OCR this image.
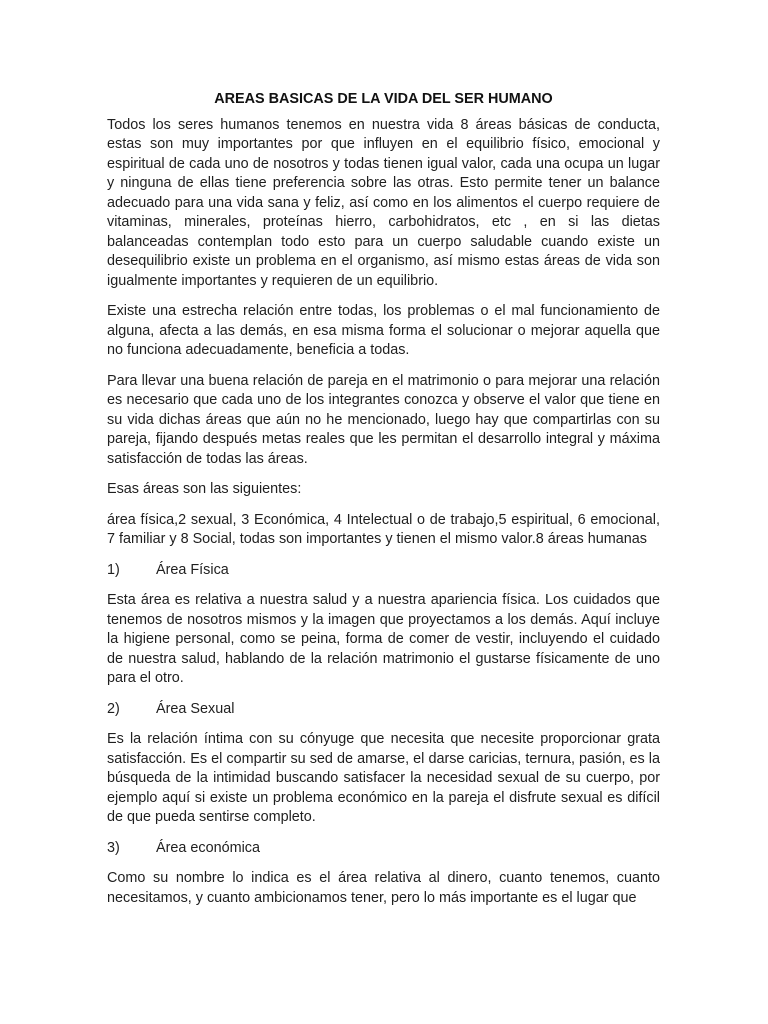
AREAS BASICAS DE LA VIDA DEL SER HUMANO

Todos los seres humanos tenemos en nuestra vida 8 áreas básicas de conducta, estas son muy importantes por que influyen en el equilibrio físico, emocional y espiritual de cada uno de nosotros y todas tienen igual valor, cada una ocupa un lugar y ninguna de ellas tiene preferencia sobre las otras. Esto permite tener un balance adecuado para una vida sana y feliz, así como en los alimentos el cuerpo requiere de vitaminas, minerales, proteínas hierro, carbohidratos, etc , en si las dietas balanceadas contemplan todo esto para un cuerpo saludable cuando existe un desequilibrio existe un problema en el organismo, así mismo estas áreas de vida son igualmente importantes y requieren de un equilibrio.

Existe una estrecha relación entre todas, los problemas o el mal funcionamiento de alguna, afecta a las demás, en esa misma forma el solucionar o mejorar aquella que no funciona adecuadamente, beneficia a todas.

Para llevar una buena relación de pareja en el matrimonio o para mejorar una relación es necesario que cada uno de los integrantes conozca y observe el valor que tiene en su vida dichas áreas que aún no he mencionado, luego hay que compartirlas con su pareja, fijando después metas reales que les permitan el desarrollo integral y máxima satisfacción de todas las áreas.

Esas áreas son las siguientes:

área física,2 sexual, 3 Económica, 4 Intelectual o de trabajo,5 espiritual, 6 emocional, 7 familiar y 8 Social, todas son importantes y tienen el mismo valor.8 áreas humanas

1)	Área Física

Esta área es relativa a nuestra salud y a nuestra apariencia física. Los cuidados que tenemos de nosotros mismos y la imagen que proyectamos a los demás. Aquí incluye la higiene personal, como se peina, forma de comer de vestir, incluyendo el cuidado de nuestra salud, hablando de la relación matrimonio el gustarse físicamente de uno para el otro.

2)	Área Sexual

Es la relación íntima con su cónyuge que necesita que necesite proporcionar grata satisfacción. Es el compartir su sed de amarse, el darse caricias, ternura, pasión, es la búsqueda de la intimidad buscando satisfacer la necesidad sexual de su cuerpo, por ejemplo aquí si existe un problema económico en la pareja el disfrute sexual es difícil de que pueda sentirse completo.

3)	Área económica

Como su nombre lo indica es el área relativa al dinero, cuanto tenemos, cuanto necesitamos, y cuanto ambicionamos tener, pero lo más importante es el lugar que
